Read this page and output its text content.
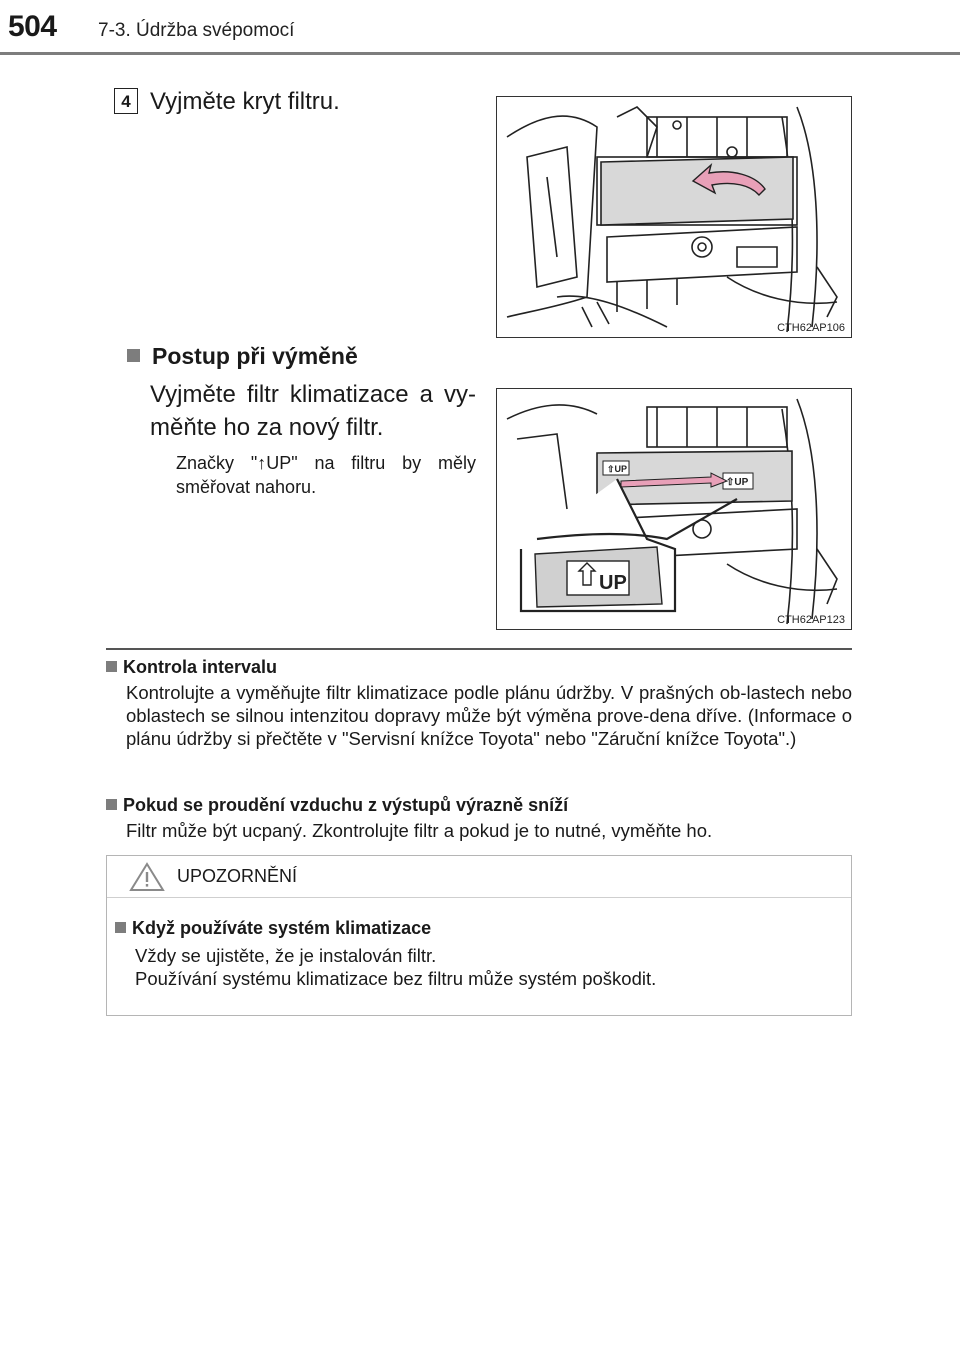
504 7-3. Údržba svépomocí
4 Vyjměte kryt filtru.
CTH62AP106
Postup při výměně
Vyjměte filtr klimatizace a vy-měňte ho za nový filtr.
Značky "↑UP" na filtru by měly směřovat nahoru.
⇧UP
⇧UP
UP
CTH62AP123
Kontrola intervalu
Kontrolujte a vyměňujte filtr klimatizace podle plánu údržby. V prašných ob-lastech nebo oblastech se silnou intenzitou dopravy může být výměna prove-dena dříve. (Informace o plánu údržby si přečtěte v "Servisní knížce Toyota" nebo "Záruční knížce Toyota".)
Pokud se proudění vzduchu z výstupů výrazně sníží
Filtr může být ucpaný. Zkontrolujte filtr a pokud je to nutné, vyměňte ho.
UPOZORNĚNÍ
Když používáte systém klimatizace
Vždy se ujistěte, že je instalován filtr.
Používání systému klimatizace bez filtru může systém poškodit.
